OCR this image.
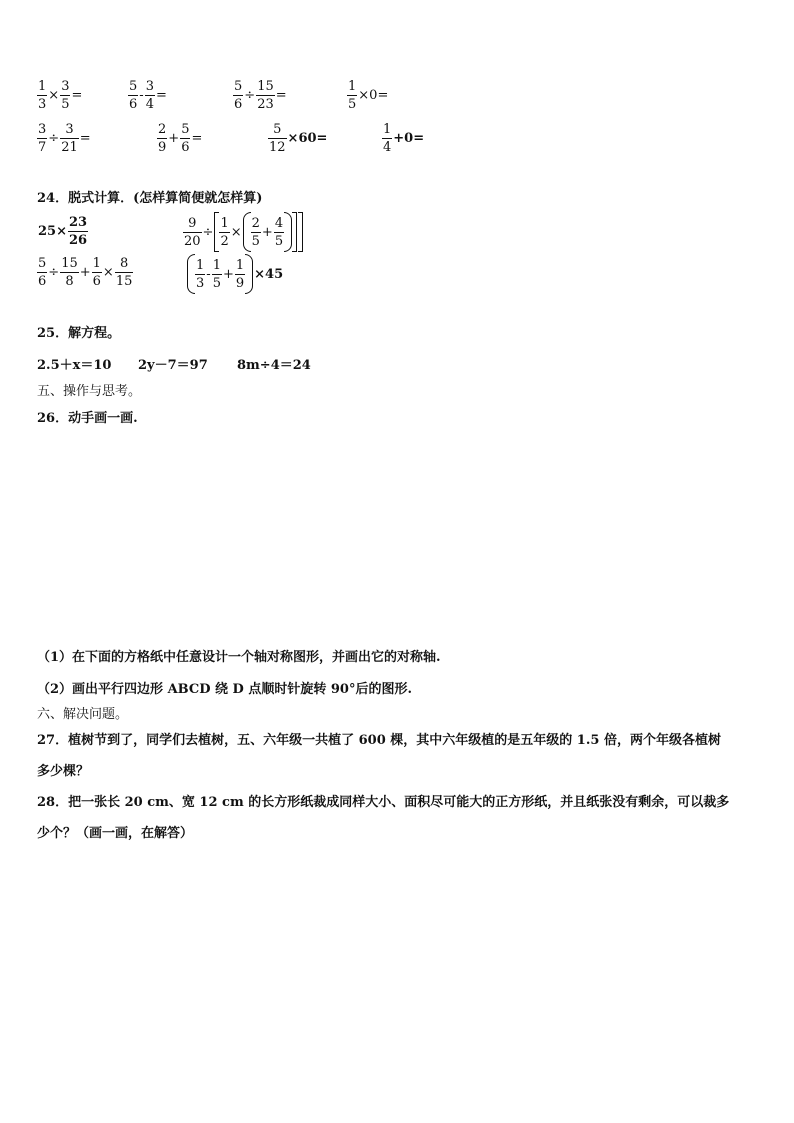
$\frac{1}{3} \times \frac{3}{5}$ =	$\frac{5}{6} - \frac{3}{4}$ =	$\frac{5}{6} \div \frac{15}{23}$ =	$\frac{1}{5} \times 0=$
$\frac{3}{7} \div \frac{3}{21}$ =	$\frac{2}{9} + \frac{5}{6}$ =	$\frac{5}{12} \times 60=$	$\frac{1}{4} +0=$
24．脱式计算．(怎样算简便就怎样算)
$25\times \frac{23}{26}$	$\frac{9}{20} \div \frac{1}{2} \times \frac{2}{5} + \frac{4}{5}$
$\frac{5}{6} \div \frac{15}{8} + \frac{1}{6} \times \frac{8}{15}$	$\frac{1}{3} - \frac{1}{5} + \frac{1}{9} \times 45$
25．解方程。
2.5＋x＝10 2y－7＝97 8m÷4＝24
五、操作与思考。
26．动手画一画.
（1）在下面的方格纸中任意设计一个轴对称图形，并画出它的对称轴.
（2）画出平行四边形 ABCD 绕 D 点顺时针旋转 90°后的图形.
六、解决问题。
27．植树节到了，同学们去植树，五、六年级一共植了 600 棵，其中六年级植的是五年级的 1.5 倍，两个年级各植树
多少棵？
28．把一张长 20 cm、宽 12 cm 的长方形纸裁成同样大小、面积尽可能大的正方形纸，并且纸张没有剩余，可以裁多
少个？（画一画，在解答）
